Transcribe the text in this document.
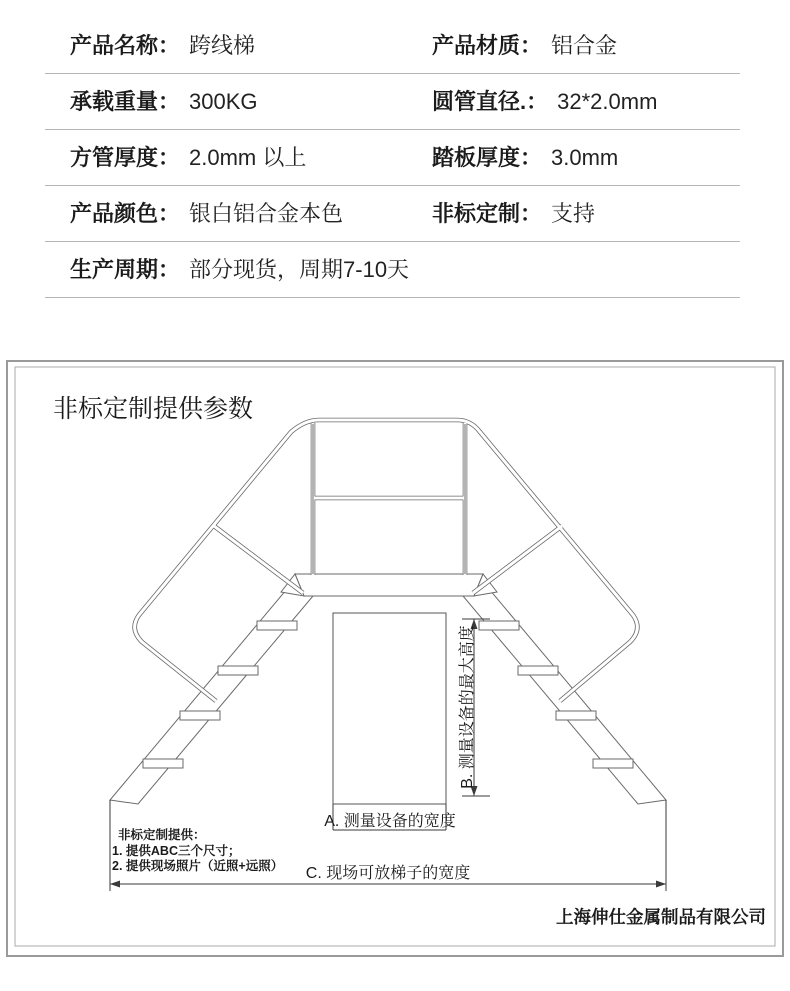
产品名称： 跨线梯	产品材质： 铝合金
承载重量： 300KG	圆管直径.： 32*2.0mm
方管厚度： 2.0mm 以上	踏板厚度： 3.0mm
产品颜色： 银白铝合金本色	非标定制： 支持
生产周期： 部分现货，周期7-10天
非标定制提供参数
A. 测量设备的宽度
B. 测量设备的最大高度
C. 现场可放梯子的宽度
非标定制提供：
1. 提供ABC三个尺寸；
2. 提供现场照片（近照+远照）
上海伸仕金属制品有限公司
